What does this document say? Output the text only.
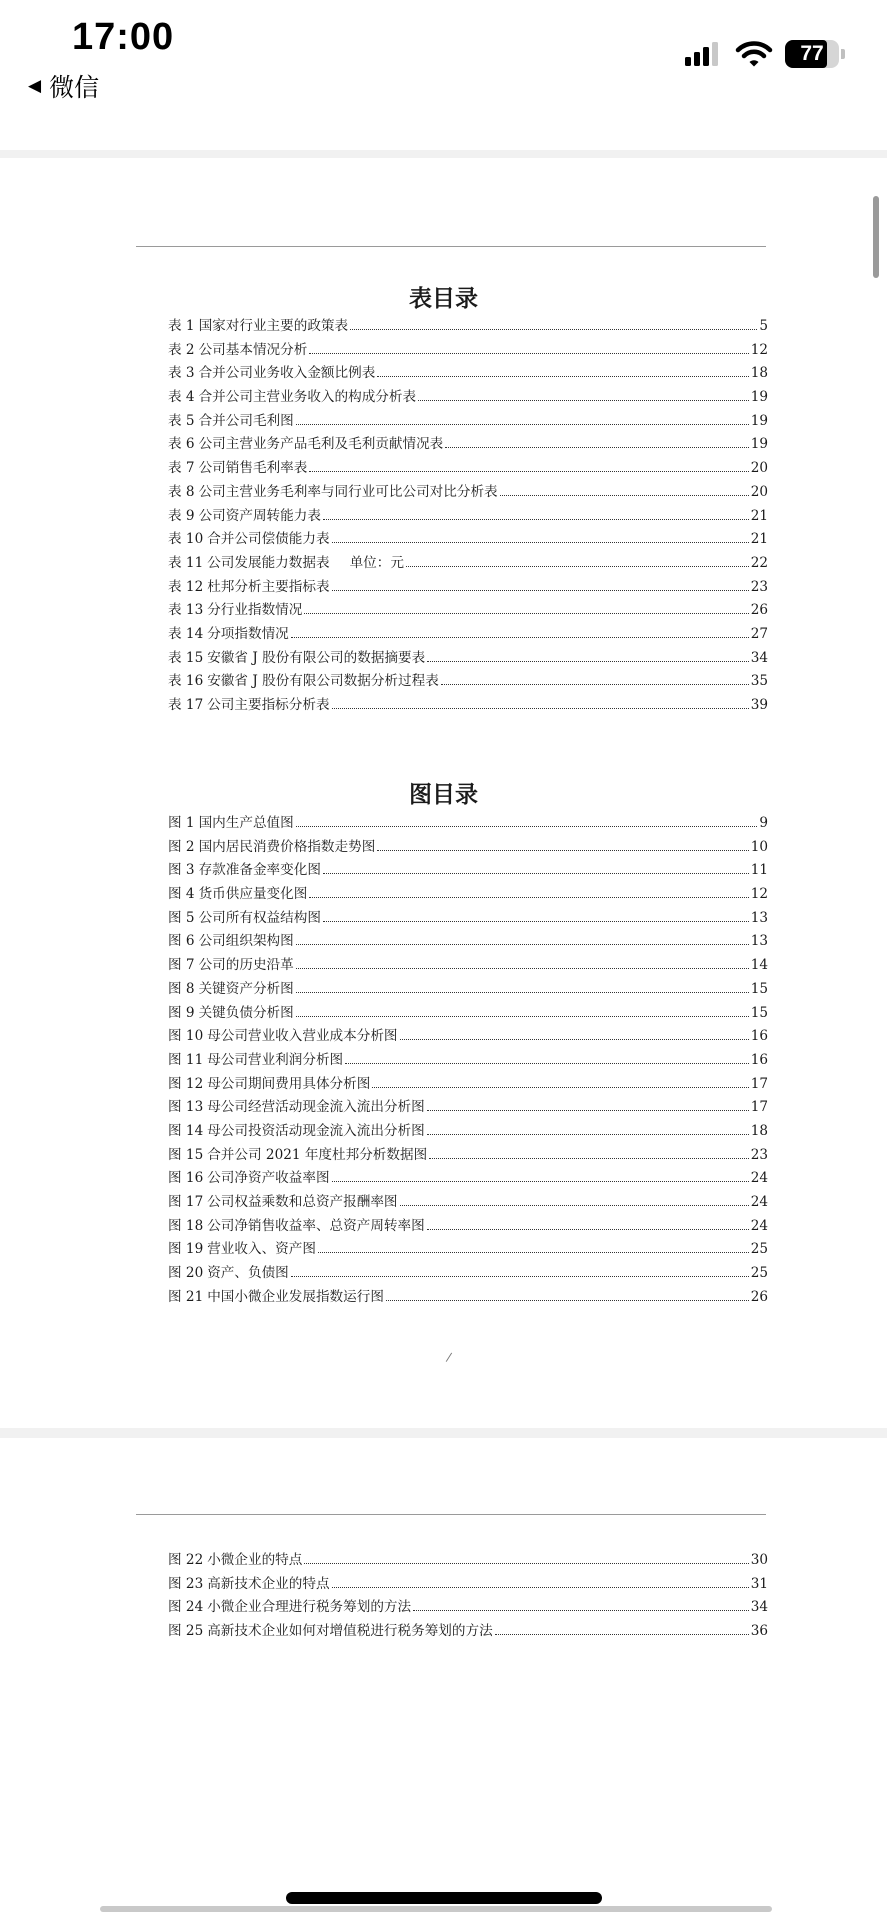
17:00
◀ 微信
77
表目录
表 1 国家对行业主要的政策表	5
表 2 公司基本情况分析	12
表 3 合并公司业务收入金额比例表	18
表 4 合并公司主营业务收入的构成分析表	19
表 5 合并公司毛利图	19
表 6 公司主营业务产品毛利及毛利贡献情况表	19
表 7 公司销售毛利率表	20
表 8 公司主营业务毛利率与同行业可比公司对比分析表	20
表 9 公司资产周转能力表	21
表 10 合并公司偿债能力表	21
表 11 公司发展能力数据表	单位：元	22
表 12 杜邦分析主要指标表	23
表 13 分行业指数情况	26
表 14 分项指数情况	27
表 15 安徽省 J 股份有限公司的数据摘要表	34
表 16 安徽省 J 股份有限公司数据分析过程表	35
表 17 公司主要指标分析表	39
图目录
图 1 国内生产总值图	9
图 2 国内居民消费价格指数走势图	10
图 3 存款准备金率变化图	11
图 4 货币供应量变化图	12
图 5 公司所有权益结构图	13
图 6 公司组织架构图	13
图 7 公司的历史沿革	14
图 8 关键资产分析图	15
图 9 关键负债分析图	15
图 10 母公司营业收入营业成本分析图	16
图 11 母公司营业利润分析图	16
图 12 母公司期间费用具体分析图	17
图 13 母公司经营活动现金流入流出分析图	17
图 14 母公司投资活动现金流入流出分析图	18
图 15 合并公司 2021 年度杜邦分析数据图	23
图 16 公司净资产收益率图	24
图 17 公司权益乘数和总资产报酬率图	24
图 18 公司净销售收益率、总资产周转率图	24
图 19 营业收入、资产图	25
图 20 资产、负债图	25
图 21 中国小微企业发展指数运行图	26
/
图 22 小微企业的特点	30
图 23 高新技术企业的特点	31
图 24 小微企业合理进行税务筹划的方法	34
图 25 高新技术企业如何对增值税进行税务筹划的方法	36
